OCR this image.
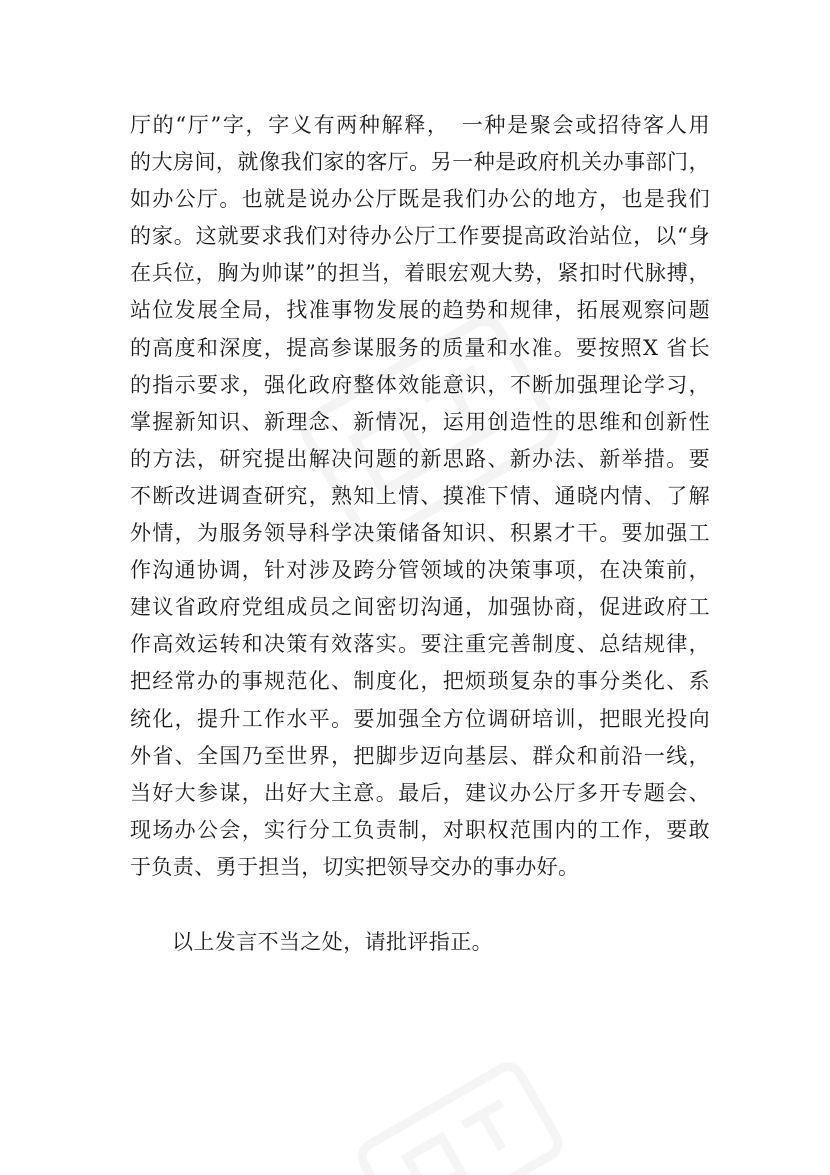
厅的“厅”字，字义有两种解释，　一种是聚会或招待客人用
的大房间，就像我们家的客厅。另一种是政府机关办事部门，
如办公厅。也就是说办公厅既是我们办公的地方，也是我们
的家。这就要求我们对待办公厅工作要提高政治站位，以“身
在兵位，胸为帅谋”的担当，着眼宏观大势，紧扣时代脉搏，
站位发展全局，找准事物发展的趋势和规律，拓展观察问题
的高度和深度，提高参谋服务的质量和水准。要按照X 省长
的指示要求，强化政府整体效能意识，不断加强理论学习，
掌握新知识、新理念、新情况，运用创造性的思维和创新性
的方法，研究提出解决问题的新思路、新办法、新举措。要
不断改进调查研究，熟知上情、摸准下情、通晓内情、了解
外情，为服务领导科学决策储备知识、积累才干。要加强工
作沟通协调，针对涉及跨分管领域的决策事项，在决策前，
建议省政府党组成员之间密切沟通，加强协商，促进政府工
作高效运转和决策有效落实。要注重完善制度、总结规律，
把经常办的事规范化、制度化，把烦琐复杂的事分类化、系
统化，提升工作水平。要加强全方位调研培训，把眼光投向
外省、全国乃至世界，把脚步迈向基层、群众和前沿一线，
当好大参谋，出好大主意。最后，建议办公厅多开专题会、
现场办公会，实行分工负责制，对职权范围内的工作，要敢
于负责、勇于担当，切实把领导交办的事办好。

以上发言不当之处，请批评指正。
